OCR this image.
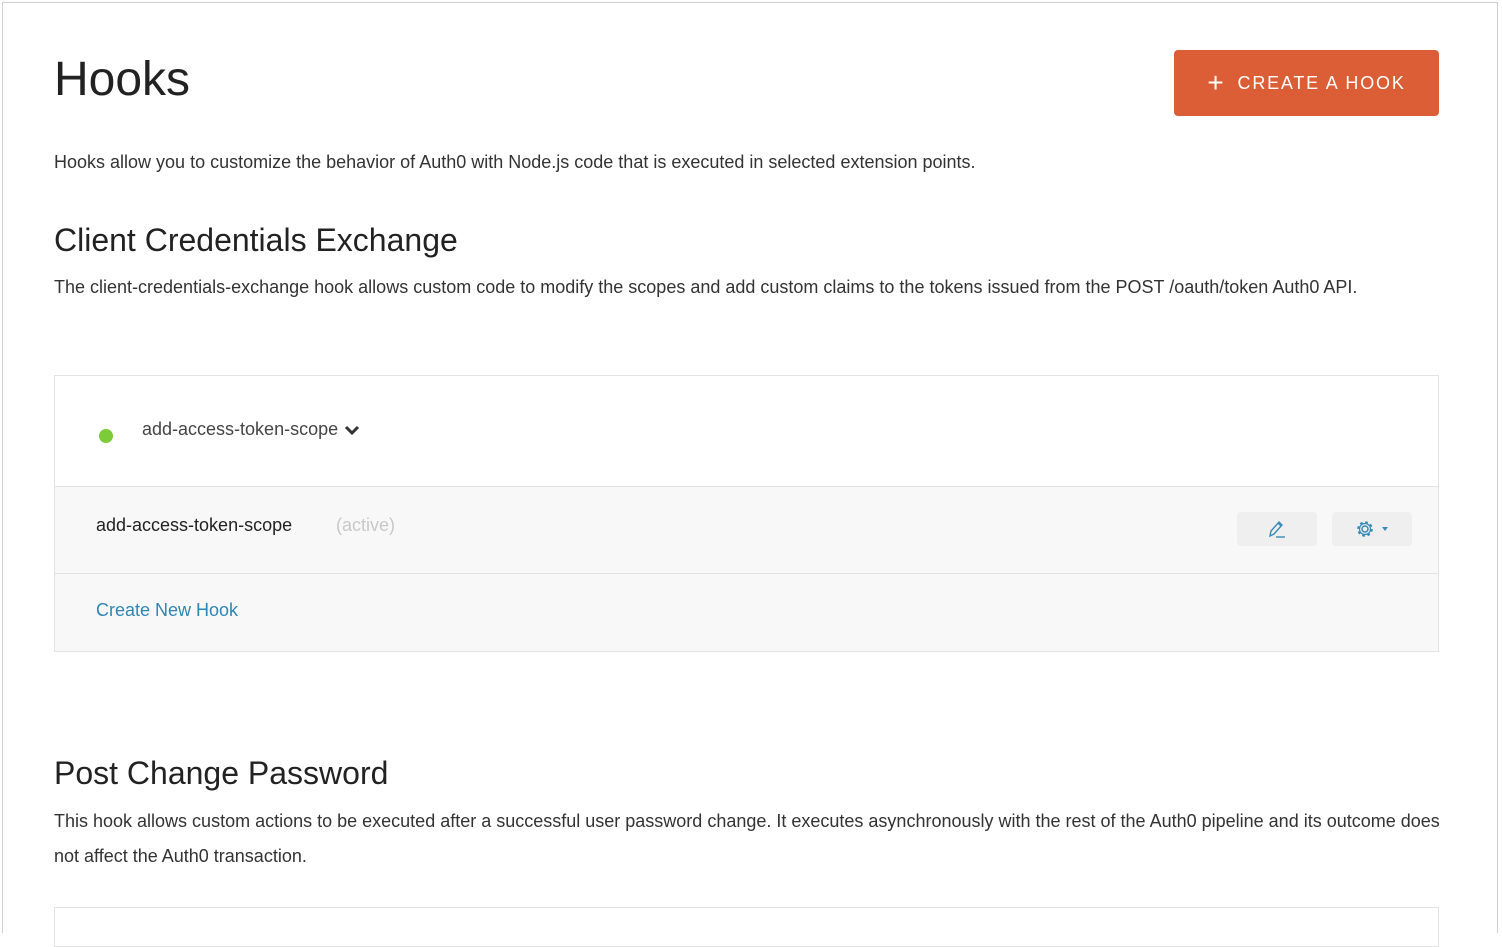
Hooks	+ CREATE A HOOK
Hooks allow you to customize the behavior of Auth0 with Node.js code that is executed in selected extension points.
Client Credentials Exchange
The client-credentials-exchange hook allows custom code to modify the scopes and add custom claims to the tokens issued from the POST /oauth/token Auth0 API.
add-access-token-scope
add-access-token-scope (active)
Create New Hook
Post Change Password
This hook allows custom actions to be executed after a successful user password change. It executes asynchronously with the rest of the Auth0 pipeline and its outcome does not affect the Auth0 transaction.
